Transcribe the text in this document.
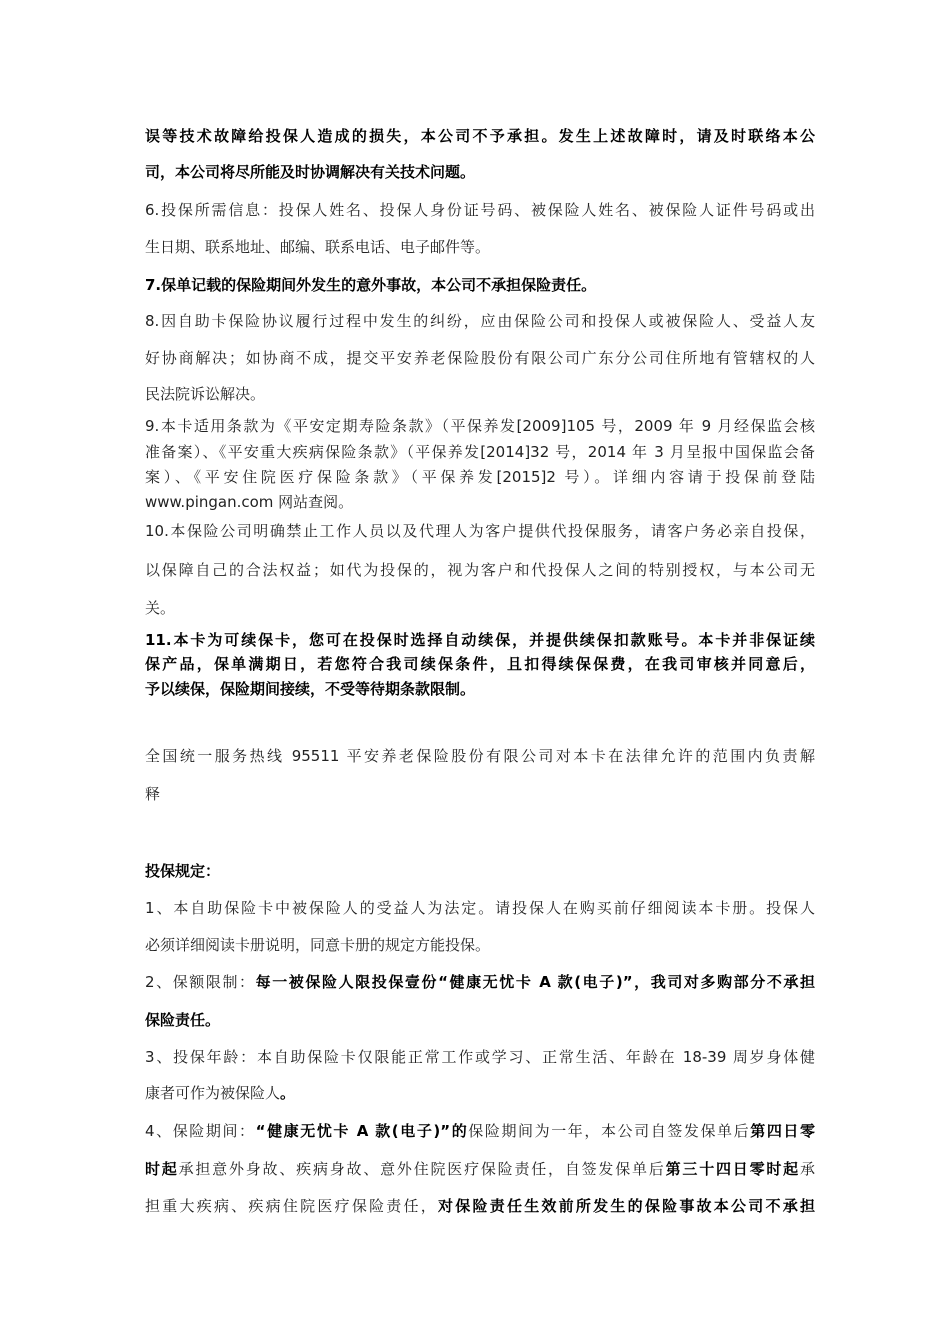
误等技术故障给投保人造成的损失，本公司不予承担。发生上述故障时，请及时联络本公
司，本公司将尽所能及时协调解决有关技术问题。
6.投保所需信息：投保人姓名、投保人身份证号码、被保险人姓名、被保险人证件号码或出
生日期、联系地址、邮编、联系电话、电子邮件等。
7.保单记载的保险期间外发生的意外事故，本公司不承担保险责任。
8.因自助卡保险协议履行过程中发生的纠纷，应由保险公司和投保人或被保险人、受益人友
好协商解决；如协商不成，提交平安养老保险股份有限公司广东分公司住所地有管辖权的人
民法院诉讼解决。
9.本卡适用条款为《平安定期寿险条款》（平保养发[2009]105 号，2009 年 9 月经保监会核
准备案）、《平安重大疾病保险条款》（平保养发[2014]32 号，2014 年 3 月呈报中国保监会备
案）、《平安住院医疗保险条款》（平保养发[2015]2 号）。详细内容请于投保前登陆
www.pingan.com 网站查阅。
10.本保险公司明确禁止工作人员以及代理人为客户提供代投保服务，请客户务必亲自投保，
以保障自己的合法权益；如代为投保的，视为客户和代投保人之间的特别授权，与本公司无
关。
11.本卡为可续保卡，您可在投保时选择自动续保，并提供续保扣款账号。本卡并非保证续
保产品，保单满期日，若您符合我司续保条件，且扣得续保保费，在我司审核并同意后，
予以续保，保险期间接续，不受等待期条款限制。
全国统一服务热线 95511 平安养老保险股份有限公司对本卡在法律允许的范围内负责解
释
投保规定：
1、本自助保险卡中被保险人的受益人为法定。请投保人在购买前仔细阅读本卡册。投保人
必须详细阅读卡册说明，同意卡册的规定方能投保。
2、保额限制：每一被保险人限投保壹份“健康无忧卡 A 款(电子)”，我司对多购部分不承担
保险责任。
3、投保年龄：本自助保险卡仅限能正常工作或学习、正常生活、年龄在 18-39 周岁身体健
康者可作为被保险人。
4、保险期间：“健康无忧卡 A 款(电子)”的保险期间为一年，本公司自签发保单后第四日零
时起承担意外身故、疾病身故、意外住院医疗保险责任，自签发保单后第三十四日零时起承
担重大疾病、疾病住院医疗保险责任，对保险责任生效前所发生的保险事故本公司不承担
